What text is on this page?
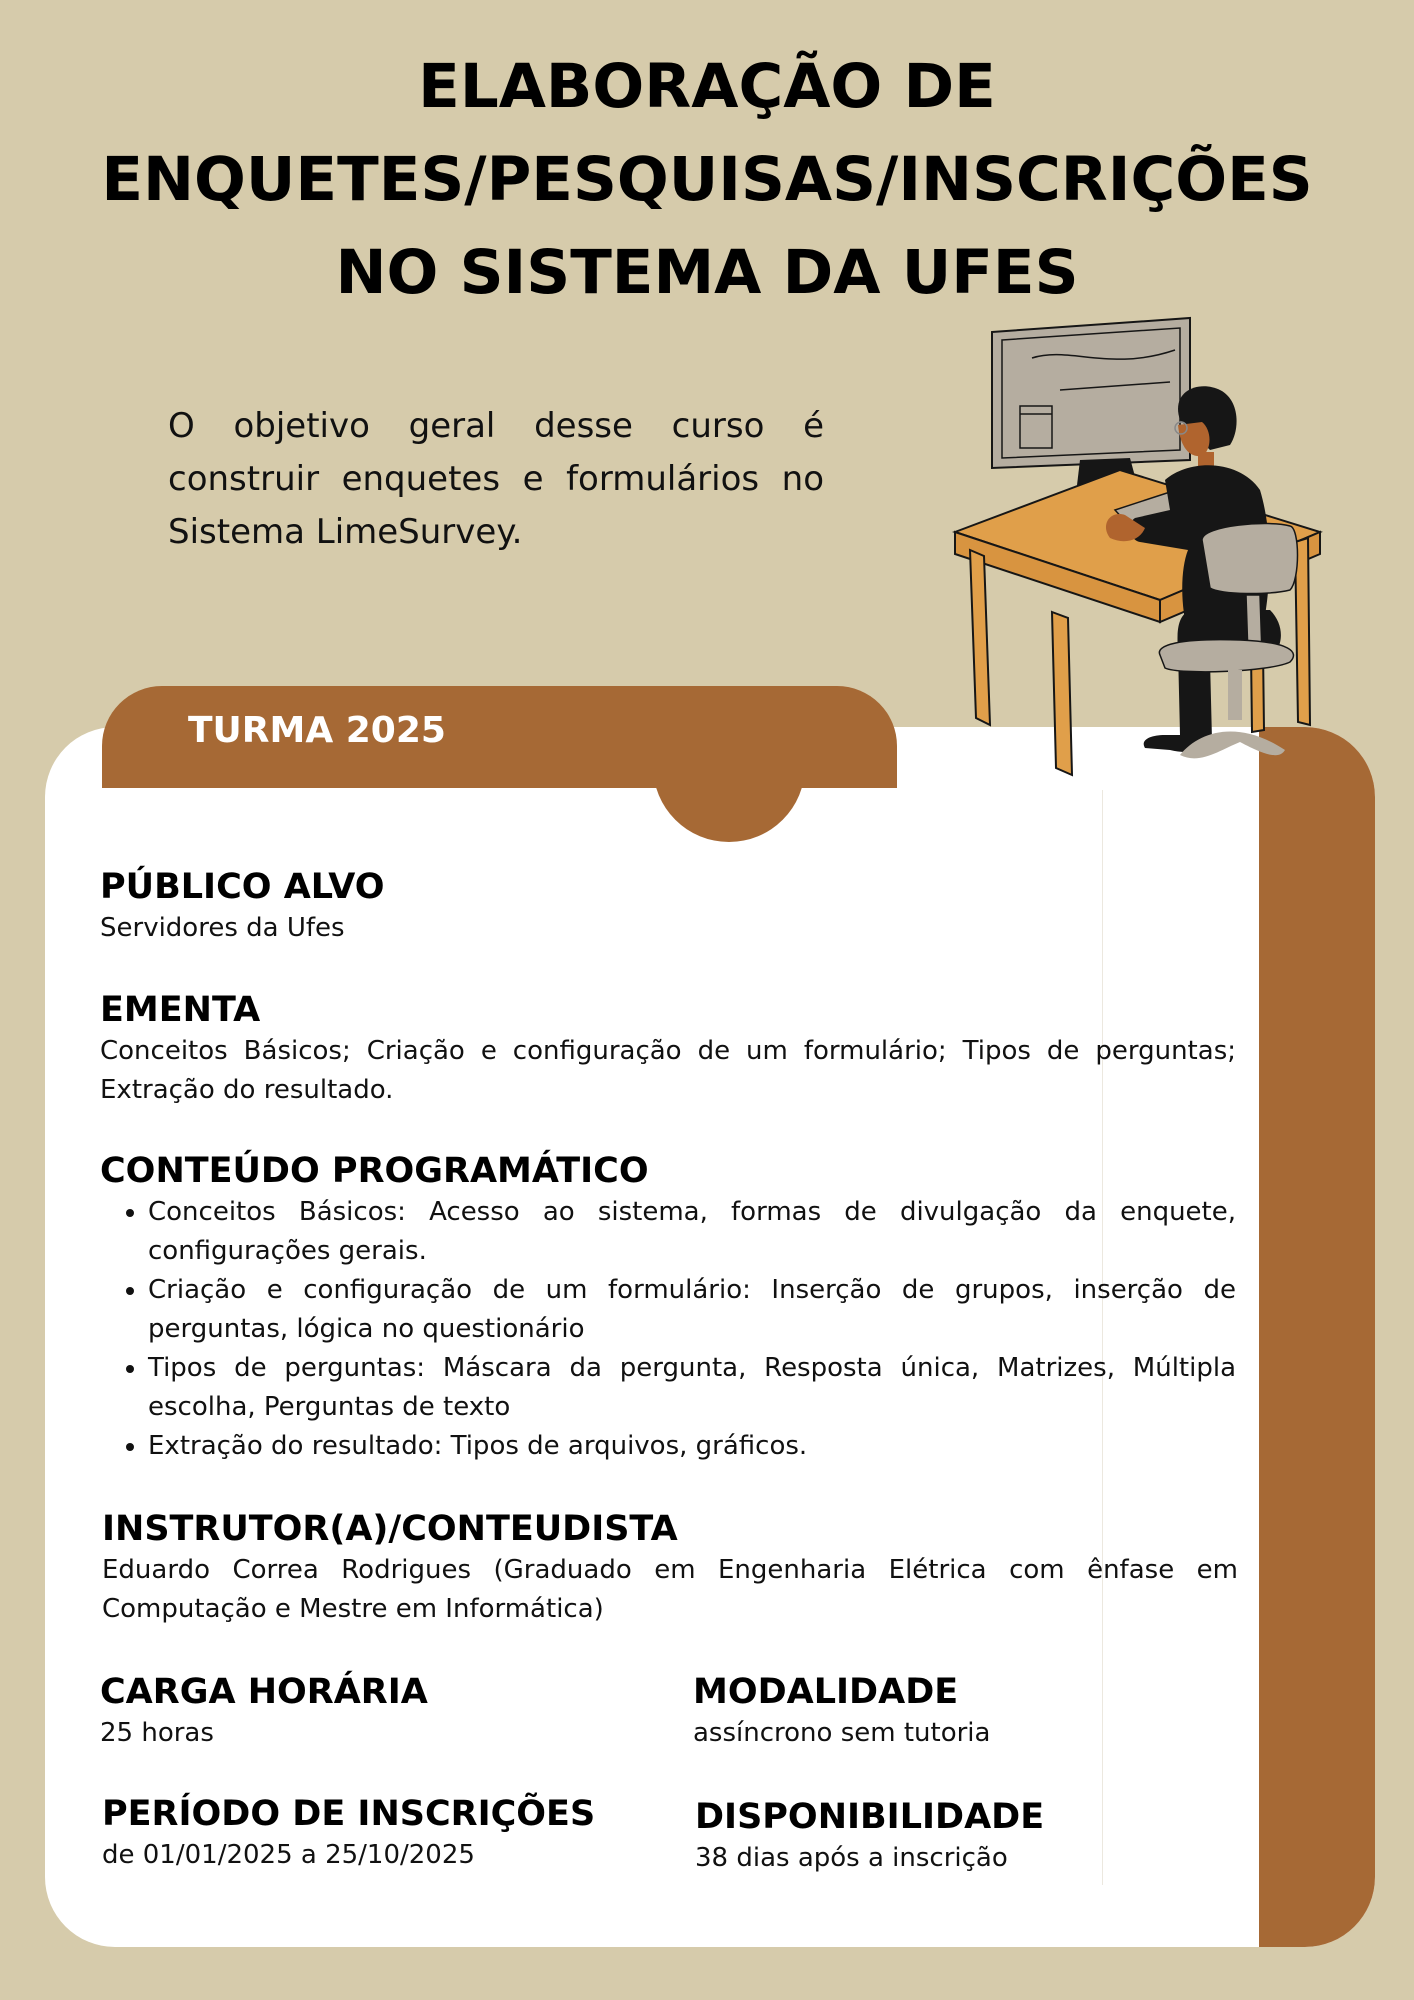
ELABORAÇÃO DE
ENQUETES/PESQUISAS/INSCRIÇÕES
NO SISTEMA DA UFES

O objetivo geral desse curso é construir enquetes e formulários no Sistema LimeSurvey.

TURMA 2025

PÚBLICO ALVO

Servidores da Ufes

EMENTA

Conceitos Básicos; Criação e configuração de um formulário; Tipos de perguntas; Extração do resultado.

CONTEÚDO PROGRAMÁTICO
• Conceitos Básicos: Acesso ao sistema, formas de divulgação da enquete, configurações gerais.
• Criação e configuração de um formulário: Inserção de grupos, inserção de perguntas, lógica no questionário
• Tipos de perguntas: Máscara da pergunta, Resposta única, Matrizes, Múltipla escolha, Perguntas de texto
• Extração do resultado: Tipos de arquivos, gráficos.
INSTRUTOR(A)/CONTEUDISTA

Eduardo Correa Rodrigues (Graduado em Engenharia Elétrica com ênfase em Computação e Mestre em Informática)

CARGA HORÁRIA

25 horas

MODALIDADE

assíncrono sem tutoria

PERÍODO DE INSCRIÇÕES

de 01/01/2025 a 25/10/2025

DISPONIBILIDADE

38 dias após a inscrição
